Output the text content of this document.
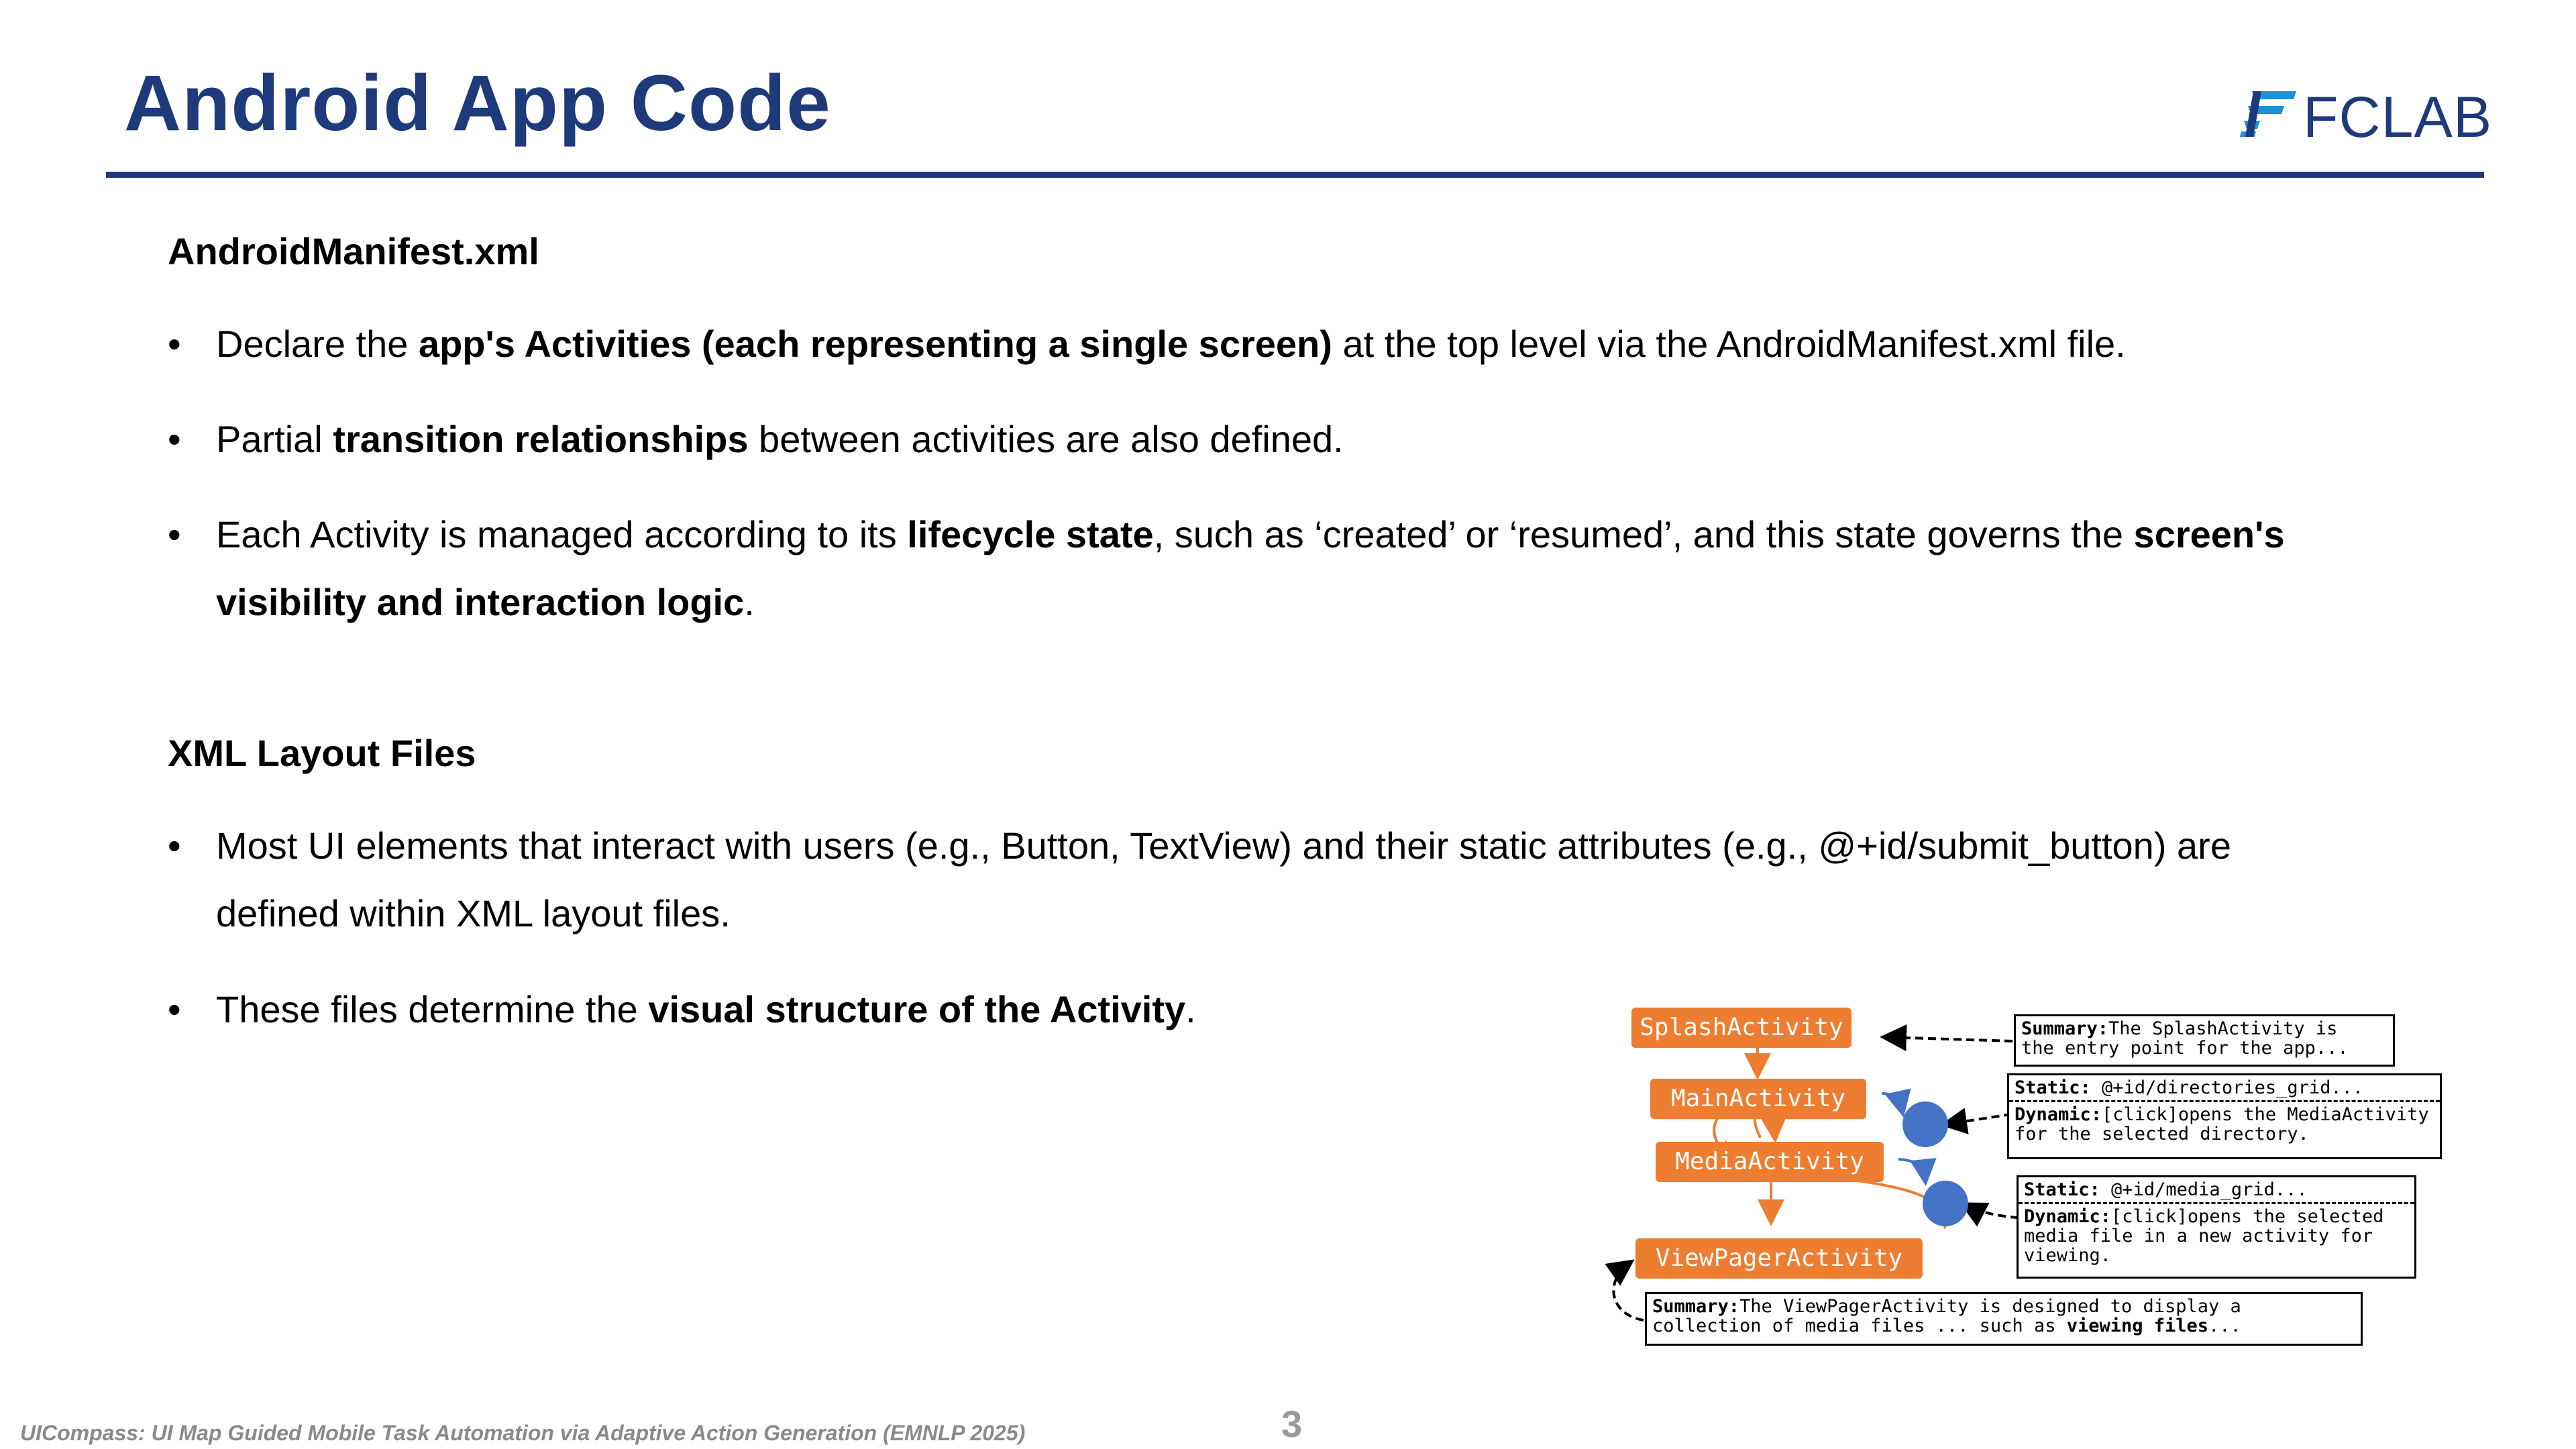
Android App Code	FCLAB
AndroidManifest.xml
• Declare the app's Activities (each representing a single screen) at the top level via the AndroidManifest.xml file.
• Partial transition relationships between activities are also defined.
• Each Activity is managed according to its lifecycle state, such as ‘created’ or ‘resumed’, and this state governs the screen's
visibility and interaction logic.
XML Layout Files
• Most UI elements that interact with users (e.g., Button, TextView) and their static attributes (e.g., @+id/submit_button) are
defined within XML layout files.
• These files determine the visual structure of the Activity.	SplashActivity
MainActivity
MediaActivity
ViewPagerActivity
Summary:The SplashActivity is
the entry point for the app...
Static: @+id/directories_grid...
Dynamic:[click]opens the MediaActivity
for the selected directory.
Static: @+id/media_grid...
Dynamic:[click]opens the selected
media file in a new activity for
viewing.
Summary:The ViewPagerActivity is designed to display a
collection of media files ... such as viewing files...
UICompass: UI Map Guided Mobile Task Automation via Adaptive Action Generation (EMNLP 2025)	3
